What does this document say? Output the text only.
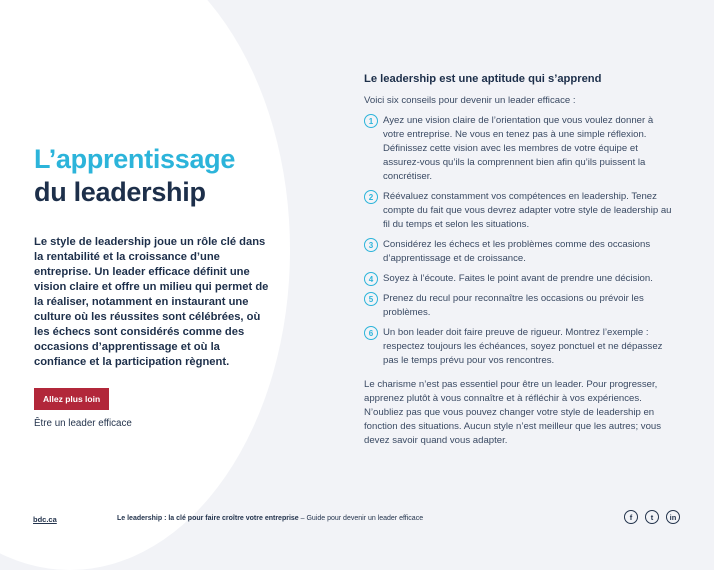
L’apprentissage
du leadership
Le style de leadership joue un rôle clé dans la rentabilité et la croissance d’une entreprise. Un leader efficace définit une vision claire et offre un milieu qui permet de la réaliser, notamment en instaurant une culture où les réussites sont célébrées, où les échecs sont considérés comme des occasions d’apprentissage et où la confiance et la participation règnent.
Allez plus loin
Être un leader efficace
Le leadership est une aptitude qui s’apprend
Voici six conseils pour devenir un leader efficace :
1	Ayez une vision claire de l’orientation que vous voulez donner à votre entreprise. Ne vous en tenez pas à une simple réflexion. Définissez cette vision avec les membres de votre équipe et assurez-vous qu’ils la comprennent bien afin qu’ils puissent la concrétiser.
2	Réévaluez constamment vos compétences en leadership. Tenez compte du fait que vous devrez adapter votre style de leadership au fil du temps et selon les situations.
3	Considérez les échecs et les problèmes comme des occasions d’apprentissage et de croissance.
4	Soyez à l’écoute. Faites le point avant de prendre une décision.
5	Prenez du recul pour reconnaître les occasions ou prévoir les problèmes.
6	Un bon leader doit faire preuve de rigueur. Montrez l’exemple : respectez toujours les échéances, soyez ponctuel et ne dépassez pas le temps prévu pour vos rencontres.
Le charisme n’est pas essentiel pour être un leader. Pour progresser, apprenez plutôt à vous connaître et à réfléchir à vos expériences. N’oubliez pas que vous pouvez changer votre style de leadership en fonction des situations. Aucun style n’est meilleur que les autres; vous devez savoir quand vous adapter.
bdc.ca	Le leadership : la clé pour faire croître votre entreprise – Guide pour devenir un leader efficace	f	t	in
